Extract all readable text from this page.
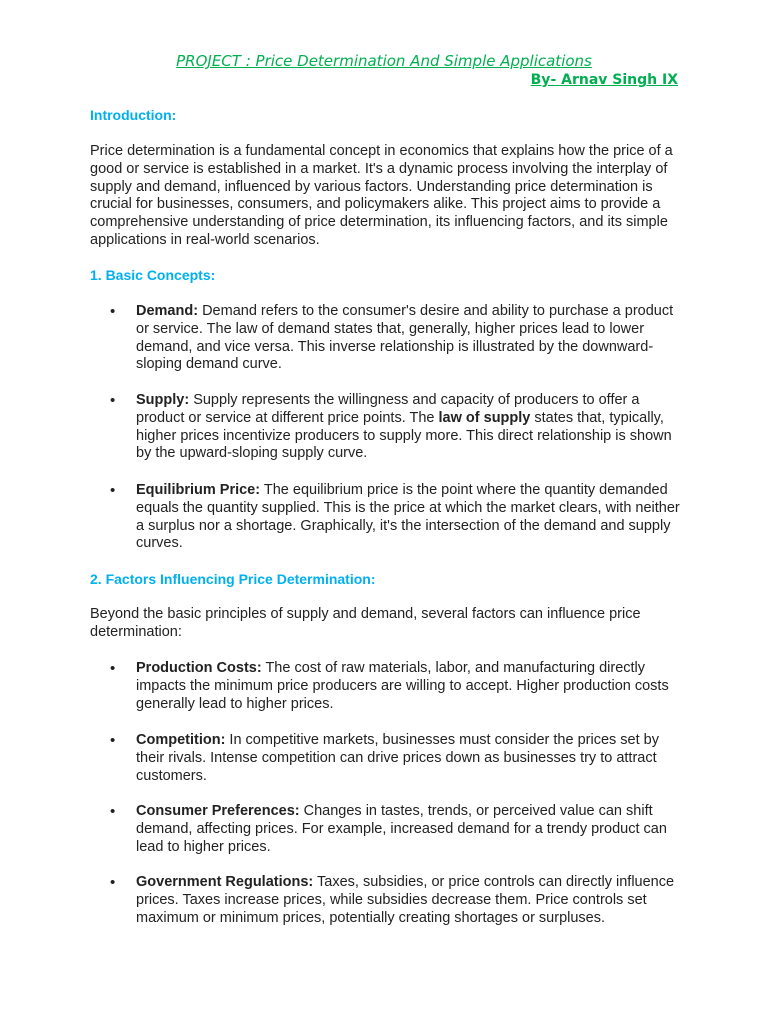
PROJECT : Price Determination And Simple Applications
By- Arnav Singh IX
Introduction:
Price determination is a fundamental concept in economics that explains how the price of a good or service is established in a market. It's a dynamic process involving the interplay of supply and demand, influenced by various factors. Understanding price determination is crucial for businesses, consumers, and policymakers alike. This project aims to provide a comprehensive understanding of price determination, its influencing factors, and its simple applications in real-world scenarios.
1. Basic Concepts:
•	Demand: Demand refers to the consumer's desire and ability to purchase a product or service. The law of demand states that, generally, higher prices lead to lower demand, and vice versa. This inverse relationship is illustrated by the downward-sloping demand curve.
•	Supply: Supply represents the willingness and capacity of producers to offer a product or service at different price points. The law of supply states that, typically, higher prices incentivize producers to supply more. This direct relationship is shown by the upward-sloping supply curve.
•	Equilibrium Price: The equilibrium price is the point where the quantity demanded equals the quantity supplied. This is the price at which the market clears, with neither a surplus nor a shortage. Graphically, it's the intersection of the demand and supply curves.
2. Factors Influencing Price Determination:
Beyond the basic principles of supply and demand, several factors can influence price determination:
•	Production Costs: The cost of raw materials, labor, and manufacturing directly impacts the minimum price producers are willing to accept. Higher production costs generally lead to higher prices.
•	Competition: In competitive markets, businesses must consider the prices set by their rivals. Intense competition can drive prices down as businesses try to attract customers.
•	Consumer Preferences: Changes in tastes, trends, or perceived value can shift demand, affecting prices. For example, increased demand for a trendy product can lead to higher prices.
•	Government Regulations: Taxes, subsidies, or price controls can directly influence prices. Taxes increase prices, while subsidies decrease them. Price controls set maximum or minimum prices, potentially creating shortages or surpluses.
